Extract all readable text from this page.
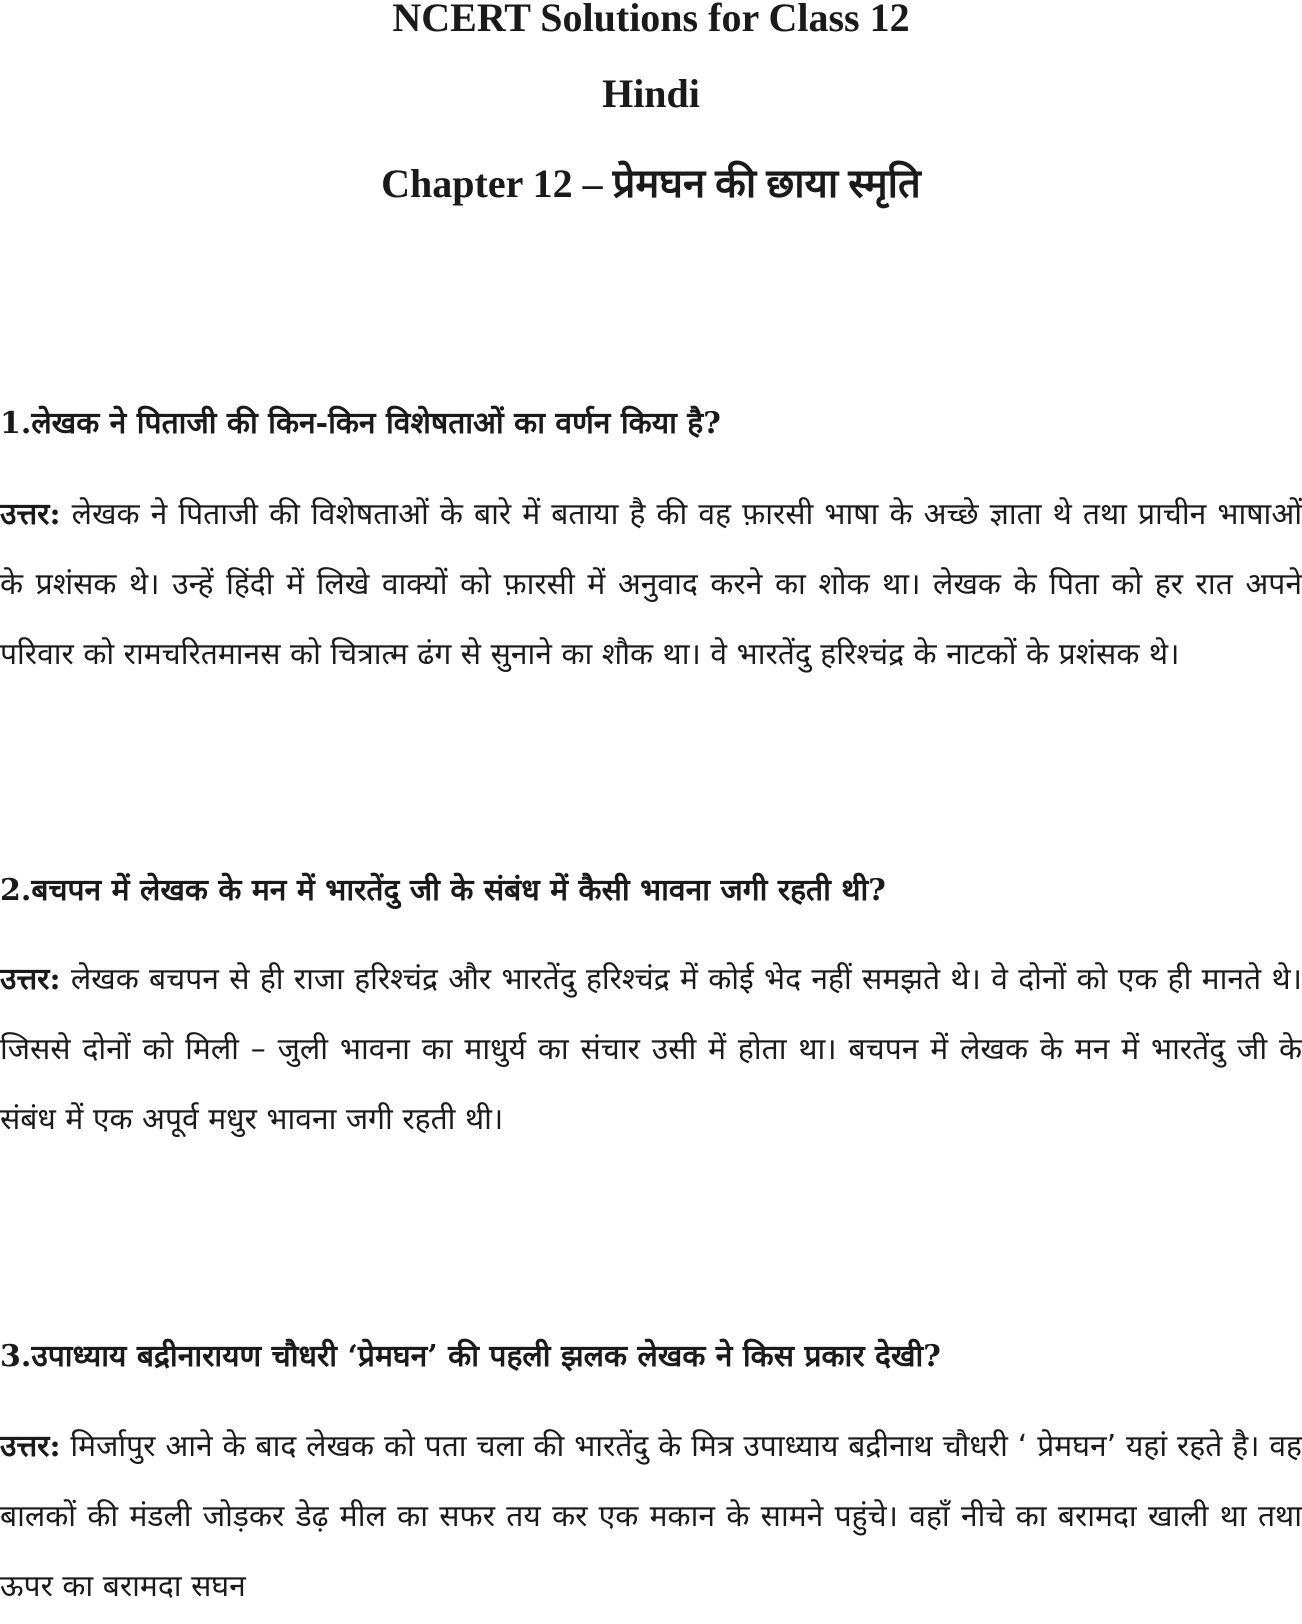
NCERT Solutions for Class 12
Hindi
Chapter 12 – प्रेमघन की छाया स्मृति
1.लेखक ने पिताजी की किन-किन विशेषताओं का वर्णन किया है?
उत्तर: लेखक ने पिताजी की विशेषताओं के बारे में बताया है की वह फ़ारसी भाषा के अच्छे ज्ञाता थे तथा प्राचीन भाषाओं के प्रशंसक थे। उन्हें हिंदी में लिखे वाक्यों को फ़ारसी में अनुवाद करने का शोक था। लेखक के पिता को हर रात अपने परिवार को रामचरितमानस को चित्रात्म ढंग से सुनाने का शौक था। वे भारतेंदु हरिश्चंद्र के नाटकों के प्रशंसक थे।
2.बचपन में लेखक के मन में भारतेंदु जी के संबंध में कैसी भावना जगी रहती थी?
उत्तर: लेखक बचपन से ही राजा हरिश्चंद्र और भारतेंदु हरिश्चंद्र में कोई भेद नहीं समझते थे। वे दोनों को एक ही मानते थे। जिससे दोनों को मिली – जुली भावना का माधुर्य का संचार उसी में होता था। बचपन में लेखक के मन में भारतेंदु जी के संबंध में एक अपूर्व मधुर भावना जगी रहती थी।
3.उपाध्याय बद्रीनारायण चौधरी ‘प्रेमघन’ की पहली झलक लेखक ने किस प्रकार देखी?
उत्तर: मिर्जापुर आने के बाद लेखक को पता चला की भारतेंदु के मित्र उपाध्याय बद्रीनाथ चौधरी ‘ प्रेमघन’ यहां रहते है। वह बालकों की मंडली जोड़कर डेढ़ मील का सफर तय कर एक मकान के सामने पहुंचे। वहाँ नीचे का बरामदा खाली था तथा ऊपर का बरामदा सघन
